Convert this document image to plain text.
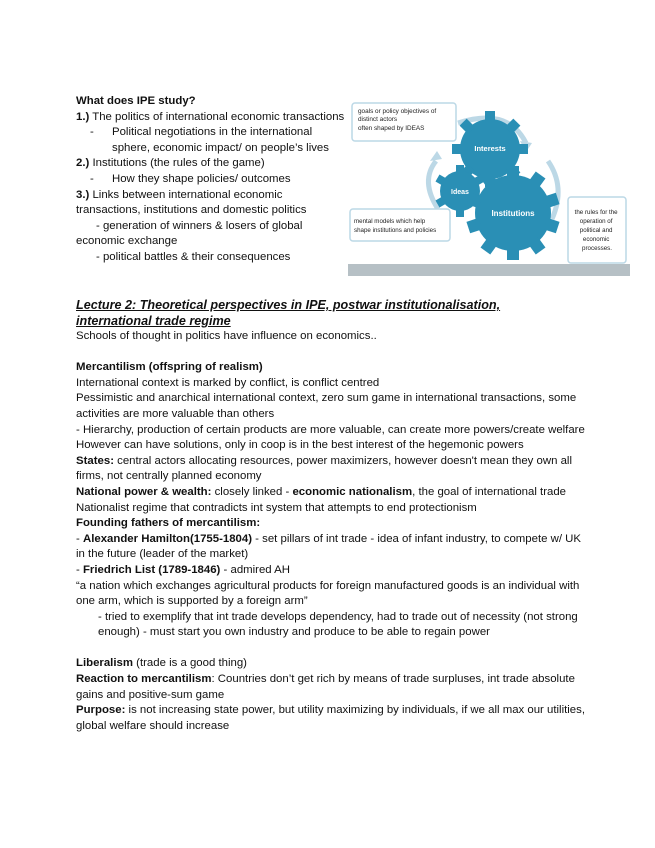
What does IPE study?

1.) The politics of international economic transactions

-	Political negotiations in the international sphere, economic impact/ on people’s lives

2.) Institutions (the rules of the game)

-	How they shape policies/ outcomes

3.) Links between international economic transactions, institutions and domestic politics

- generation of winners & losers of global economic exchange

- political battles & their consequences

goals or policy objectives of distinct actors often shaped by IDEAS
Interests
Ideas
Institutions
mental models which help shape institutions and policies
the rules for the operation of political and economic processes.

Lecture 2: Theoretical perspectives in IPE, postwar institutionalisation,
international trade regime

Schools of thought in politics have influence on economics..

Mercantilism (offspring of realism)

International context is marked by conflict, is conflict centred

Pessimistic and anarchical international context, zero sum game in international transactions, some activities are more valuable than others

- Hierarchy, production of certain products are more valuable, can create more powers/create welfare

However can have solutions, only in coop is in the best interest of the hegemonic powers

States: central actors allocating resources, power maximizers, however doesn't mean they own all firms, not centrally planned economy

National power & wealth: closely linked - economic nationalism, the goal of international trade

Nationalist regime that contradicts int system that attempts to end protectionism

Founding fathers of mercantilism:

- Alexander Hamilton(1755-1804) - set pillars of int trade - idea of infant industry, to compete w/ UK in the future (leader of the market)

- Friedrich List (1789-1846) - admired AH

“a nation which exchanges agricultural products for foreign manufactured goods is an individual with one arm, which is supported by a foreign arm”

- tried to exemplify that int trade develops dependency, had to trade out of necessity (not strong enough) - must start you own industry and produce to be able to regain power

Liberalism (trade is a good thing)

Reaction to mercantilism: Countries don’t get rich by means of trade surpluses, int trade absolute gains and positive-sum game

Purpose: is not increasing state power, but utility maximizing by individuals, if we all max our utilities, global welfare should increase
